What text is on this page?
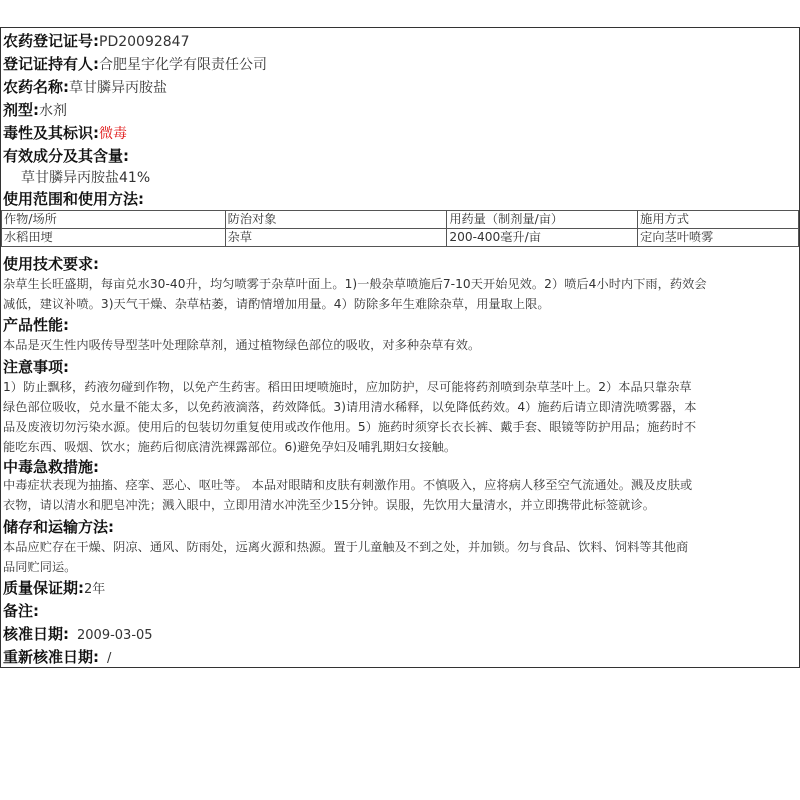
农药登记证号:PD20092847
登记证持有人:合肥星宇化学有限责任公司
农药名称:草甘膦异丙胺盐
剂型:水剂
毒性及其标识:微毒
有效成分及其含量:
草甘膦异丙胺盐41%
使用范围和使用方法:
作物/场所	防治对象	用药量（制剂量/亩）	施用方式
水稻田埂	杂草	200-400毫升/亩	定向茎叶喷雾
使用技术要求:
杂草生长旺盛期，每亩兑水30-40升，均匀喷雾于杂草叶面上。1)一般杂草喷施后7-10天开始见效。2）喷后4小时内下雨，药效会
减低，建议补喷。3)天气干燥、杂草枯萎，请酌情增加用量。4）防除多年生难除杂草，用量取上限。
产品性能:
本品是灭生性内吸传导型茎叶处理除草剂，通过植物绿色部位的吸收，对多种杂草有效。
注意事项:
1）防止飘移，药液勿碰到作物，以免产生药害。稻田田埂喷施时，应加防护，尽可能将药剂喷到杂草茎叶上。2）本品只靠杂草
绿色部位吸收，兑水量不能太多，以免药液滴落，药效降低。3)请用清水稀释，以免降低药效。4）施药后请立即清洗喷雾器，本
品及废液切勿污染水源。使用后的包装切勿重复使用或改作他用。5）施药时须穿长衣长裤、戴手套、眼镜等防护用品；施药时不
能吃东西、吸烟、饮水；施药后彻底清洗裸露部位。6)避免孕妇及哺乳期妇女接触。
中毒急救措施:
中毒症状表现为抽搐、痉挛、恶心、呕吐等。 本品对眼睛和皮肤有刺激作用。不慎吸入，应将病人移至空气流通处。溅及皮肤或
衣物，请以清水和肥皂冲洗；溅入眼中，立即用清水冲洗至少15分钟。误服，先饮用大量清水，并立即携带此标签就诊。
储存和运输方法:
本品应贮存在干燥、阴凉、通风、防雨处，远离火源和热源。置于儿童触及不到之处，并加锁。勿与食品、饮料、饲料等其他商
品同贮同运。
质量保证期:2年
备注:
核准日期: 2009-03-05
重新核准日期: /
